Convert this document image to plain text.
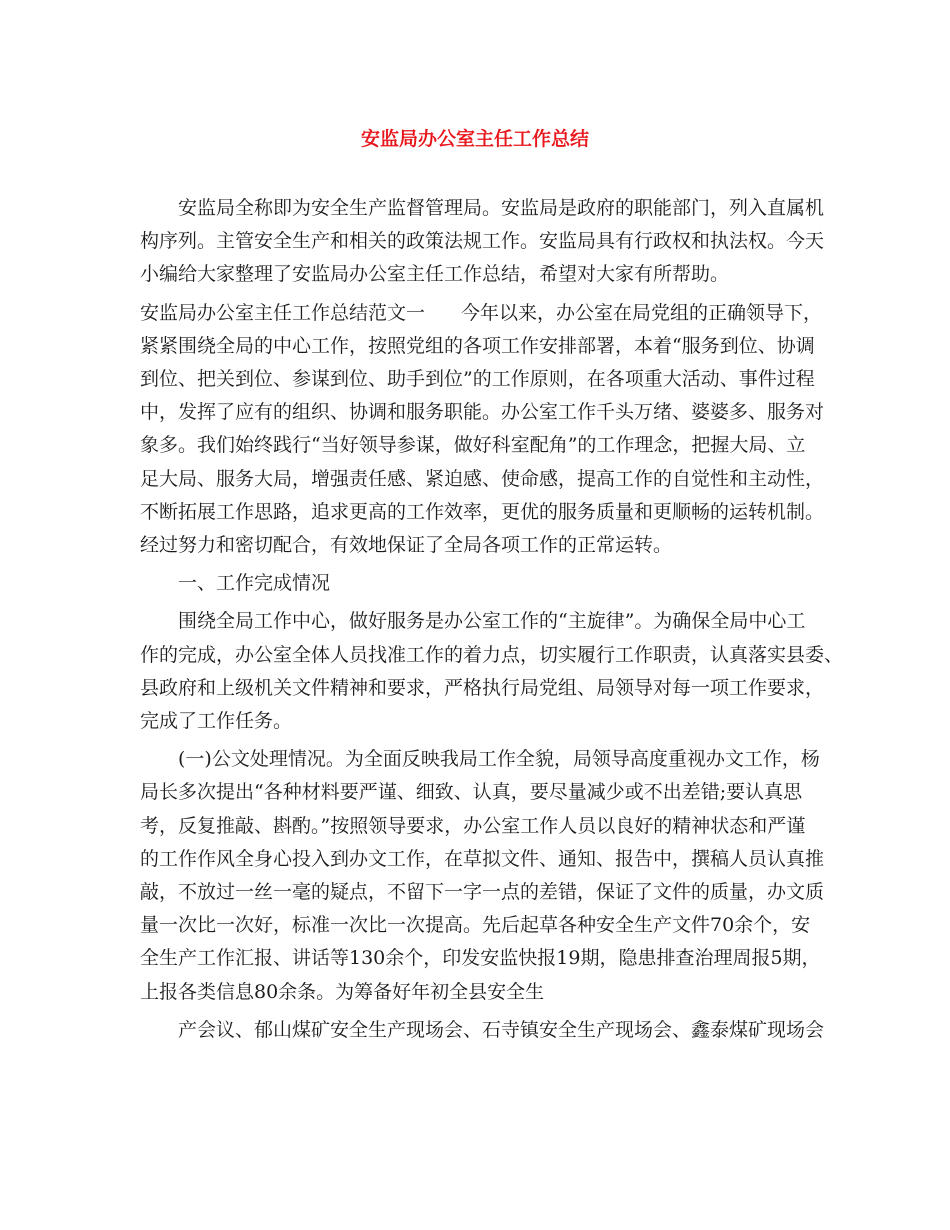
安监局办公室主任工作总结
安监局全称即为安全生产监督管理局。安监局是政府的职能部门，列入直属机
构序列。主管安全生产和相关的政策法规工作。安监局具有行政权和执法权。今天
小编给大家整理了安监局办公室主任工作总结，希望对大家有所帮助。
安监局办公室主任工作总结范文一 今年以来，办公室在局党组的正确领导下，
紧紧围绕全局的中心工作，按照党组的各项工作安排部署，本着“服务到位、协调
到位、把关到位、参谋到位、助手到位”的工作原则，在各项重大活动、事件过程
中，发挥了应有的组织、协调和服务职能。办公室工作千头万绪、婆婆多、服务对
象多。我们始终践行“当好领导参谋，做好科室配角”的工作理念，把握大局、立
足大局、服务大局，增强责任感、紧迫感、使命感，提高工作的自觉性和主动性，
不断拓展工作思路，追求更高的工作效率，更优的服务质量和更顺畅的运转机制。
经过努力和密切配合，有效地保证了全局各项工作的正常运转。
一、工作完成情况
围绕全局工作中心，做好服务是办公室工作的“主旋律”。为确保全局中心工
作的完成，办公室全体人员找准工作的着力点，切实履行工作职责，认真落实县委、
县政府和上级机关文件精神和要求，严格执行局党组、局领导对每一项工作要求，
完成了工作任务。
(一)公文处理情况。为全面反映我局工作全貌，局领导高度重视办文工作，杨
局长多次提出“各种材料要严谨、细致、认真，要尽量减少或不出差错;要认真思
考，反复推敲、斟酌。”按照领导要求，办公室工作人员以良好的精神状态和严谨
的工作作风全身心投入到办文工作，在草拟文件、通知、报告中，撰稿人员认真推
敲，不放过一丝一毫的疑点，不留下一字一点的差错，保证了文件的质量，办文质
量一次比一次好，标准一次比一次提高。先后起草各种安全生产文件70余个，安
全生产工作汇报、讲话等130余个，印发安监快报19期，隐患排查治理周报5期，
上报各类信息80余条。为筹备好年初全县安全生
产会议、郁山煤矿安全生产现场会、石寺镇安全生产现场会、鑫泰煤矿现场会
